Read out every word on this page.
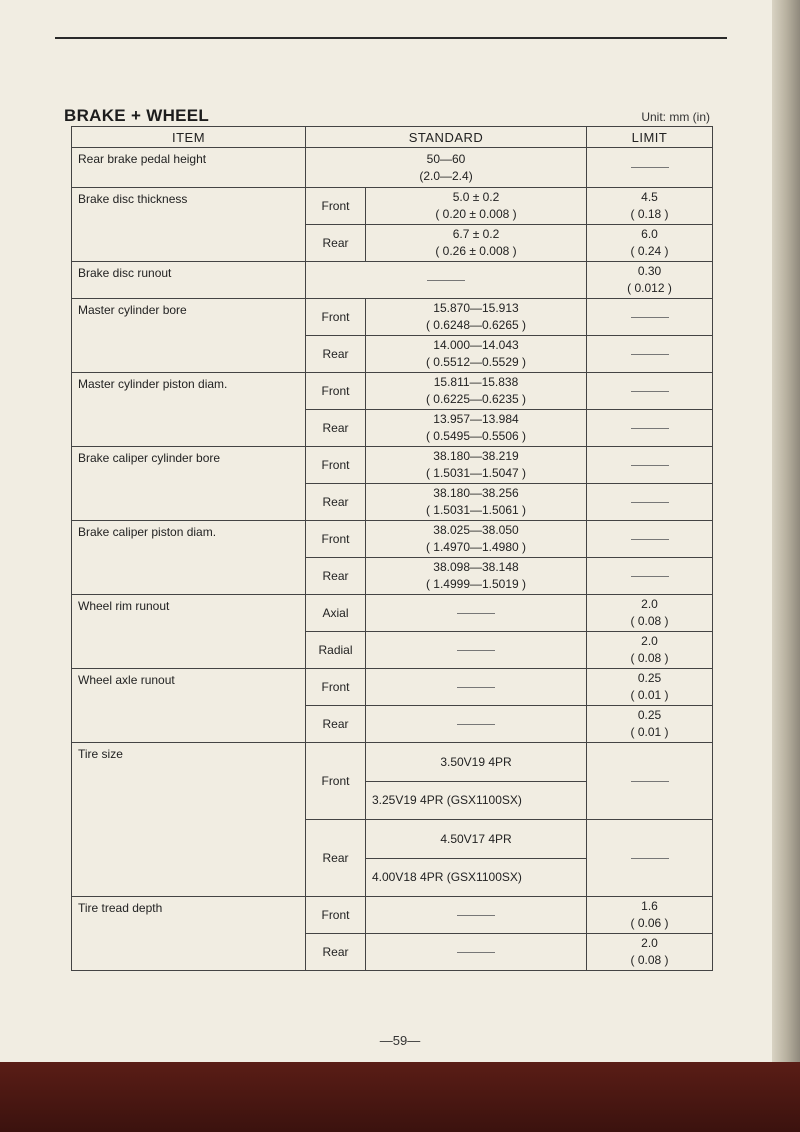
BRAKE + WHEEL	Unit: mm (in)
ITEM	STANDARD		LIMIT
Rear brake pedal height	50—60
(2.0—2.4)		

Brake disc thickness	Front	5.0 ± 0.2
( 0.20 ± 0.008 )	4.5
( 0.18 )

	Rear	6.7 ± 0.2
( 0.26 ± 0.008 )	6.0
( 0.24 )

Brake disc runout			0.30
( 0.012 )

Master cylinder bore	Front	15.870—15.913
( 0.6248—0.6265 )	

	Rear	14.000—14.043
( 0.5512—0.5529 )	

Master cylinder piston diam.	Front	15.811—15.838
( 0.6225—0.6235 )	

	Rear	13.957—13.984
( 0.5495—0.5506 )	

Brake caliper cylinder bore	Front	38.180—38.219
( 1.5031—1.5047 )	

	Rear	38.180—38.256
( 1.5031—1.5061 )	

Brake caliper piston diam.	Front	38.025—38.050
( 1.4970—1.4980 )	

	Rear	38.098—38.148
( 1.4999—1.5019 )	

Wheel rim runout	Axial		2.0
( 0.08 )

	Radial		2.0
( 0.08 )

Wheel axle runout	Front		0.25
( 0.01 )

	Rear		0.25
( 0.01 )

Tire size	Front	3.50V19 4PR	
		3.25V19 4PR (GSX1100SX)	
	Rear	4.50V17 4PR	
		4.00V18 4PR (GSX1100SX)	
Tire tread depth	Front		1.6
( 0.06 )

	Rear		2.0
( 0.08 )
—59—
